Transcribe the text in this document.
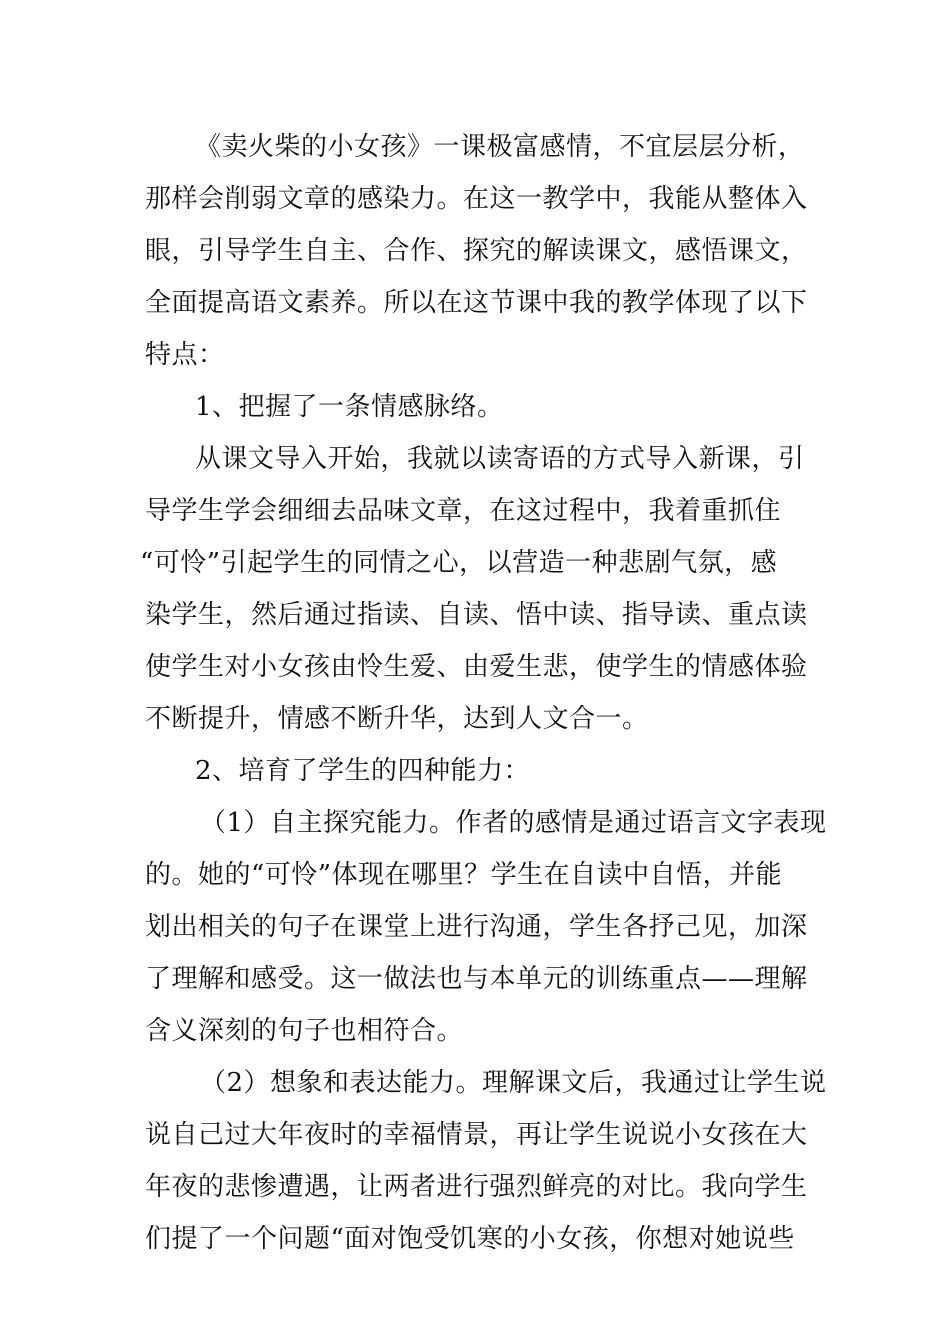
《卖火柴的小女孩》一课极富感情，不宜层层分析，
那样会削弱文章的感染力。在这一教学中，我能从整体入
眼，引导学生自主、合作、探究的解读课文，感悟课文，
全面提高语文素养。所以在这节课中我的教学体现了以下
特点：
1、把握了一条情感脉络。
从课文导入开始，我就以读寄语的方式导入新课，引
导学生学会细细去品味文章，在这过程中，我着重抓住
“可怜”引起学生的同情之心，以营造一种悲剧气氛，感
染学生，然后通过指读、自读、悟中读、指导读、重点读
使学生对小女孩由怜生爱、由爱生悲，使学生的情感体验
不断提升，情感不断升华，达到人文合一。
2、培育了学生的四种能力：
（1）自主探究能力。作者的感情是通过语言文字表现
的。她的“可怜”体现在哪里？学生在自读中自悟，并能
划出相关的句子在课堂上进行沟通，学生各抒己见，加深
了理解和感受。这一做法也与本单元的训练重点——理解
含义深刻的句子也相符合。
（2）想象和表达能力。理解课文后，我通过让学生说
说自己过大年夜时的幸福情景，再让学生说说小女孩在大
年夜的悲惨遭遇，让两者进行强烈鲜亮的对比。我向学生
们提了一个问题“面对饱受饥寒的小女孩，你想对她说些
